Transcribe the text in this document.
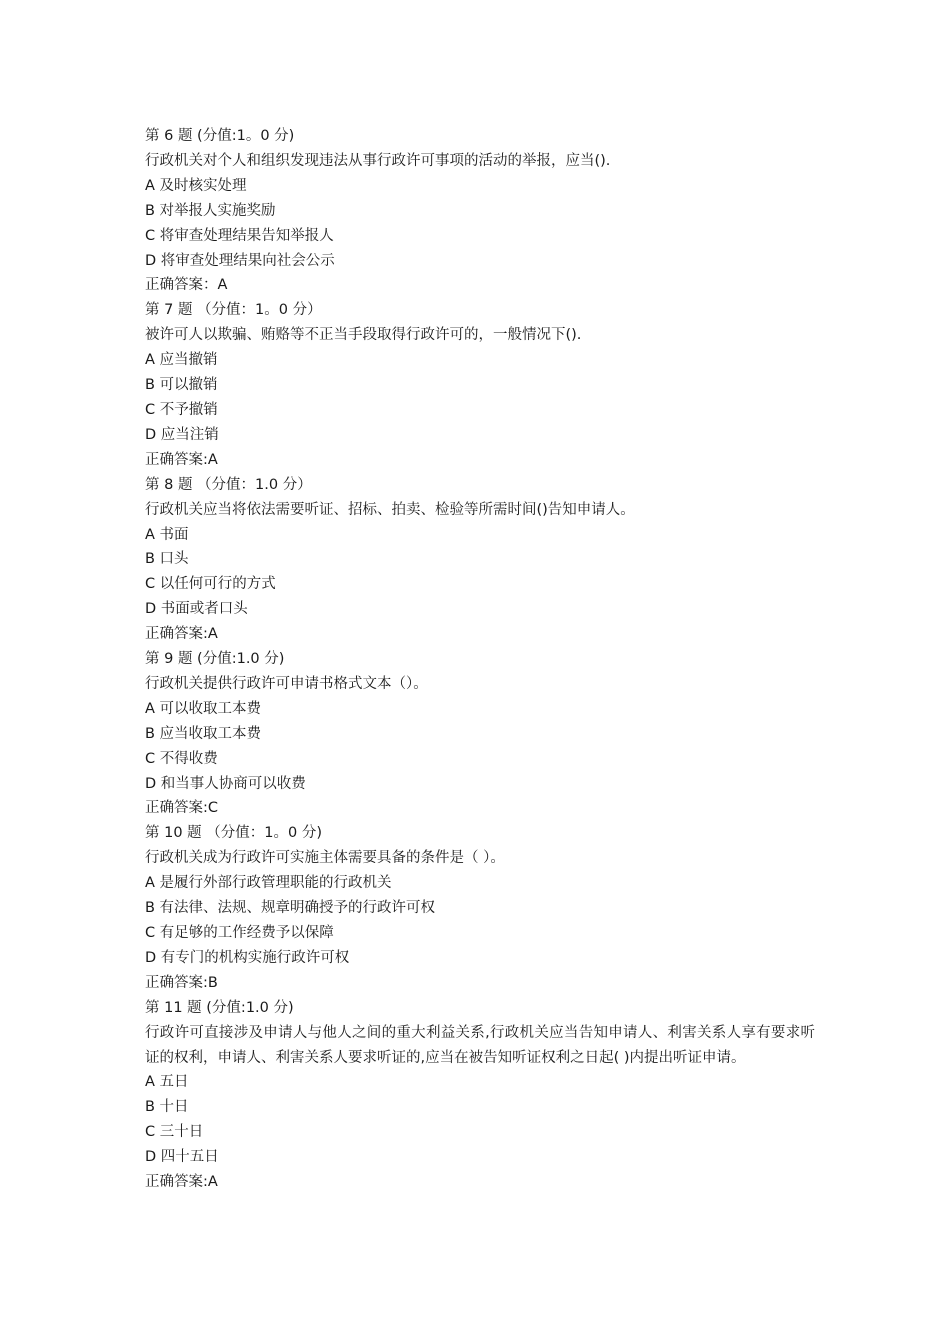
第 6 题 (分值:1。0 分)

行政机关对个人和组织发现违法从事行政许可事项的活动的举报，应当().

A 及时核实处理

B 对举报人实施奖励

C 将审查处理结果告知举报人

D 将审查处理结果向社会公示

正确答案：A

第 7 题 （分值：1。0 分）

被许可人以欺骗、贿赂等不正当手段取得行政许可的，一般情况下().

A 应当撤销

B 可以撤销

C 不予撤销

D 应当注销

正确答案:A

第 8 题 （分值：1.0 分）

行政机关应当将依法需要听证、招标、拍卖、检验等所需时间()告知申请人。

A 书面

B 口头

C 以任何可行的方式

D 书面或者口头

正确答案:A

第 9 题 (分值:1.0 分)

行政机关提供行政许可申请书格式文本（）。

A 可以收取工本费

B 应当收取工本费

C 不得收费

D 和当事人协商可以收费

正确答案:C

第 10 题 （分值：1。0 分)

行政机关成为行政许可实施主体需要具备的条件是（ ）。

A 是履行外部行政管理职能的行政机关

B 有法律、法规、规章明确授予的行政许可权

C 有足够的工作经费予以保障

D 有专门的机构实施行政许可权

正确答案:B

第 11 题 (分值:1.0 分)

行政许可直接涉及申请人与他人之间的重大利益关系,行政机关应当告知申请人、利害关系人享有要求听证的权利，申请人、利害关系人要求听证的,应当在被告知听证权利之日起( )内提出听证申请。

A 五日

B 十日

C 三十日

D 四十五日

正确答案:A
